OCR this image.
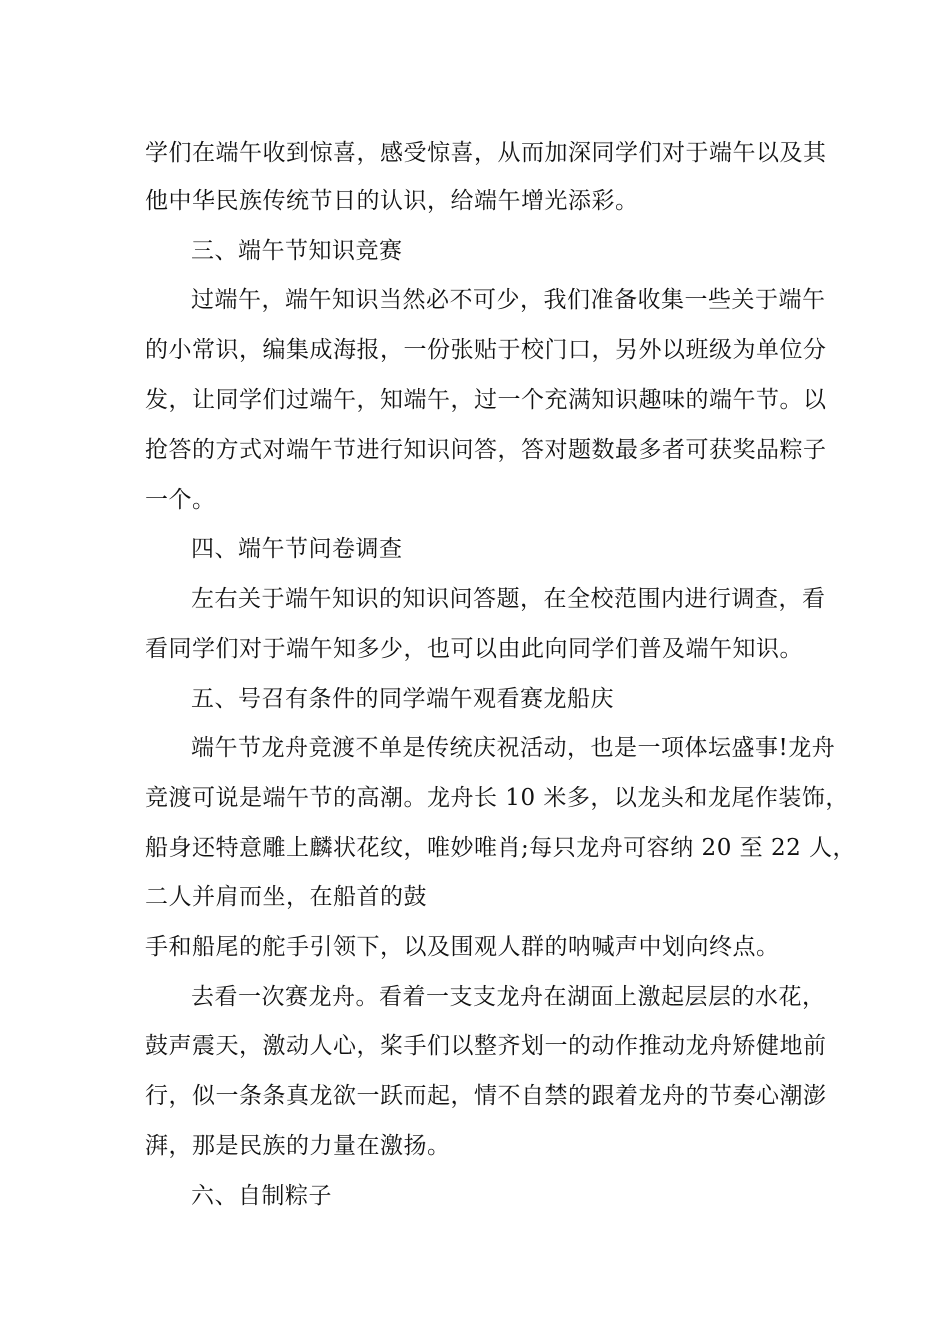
学们在端午收到惊喜，感受惊喜，从而加深同学们对于端午以及其
他中华民族传统节日的认识，给端午增光添彩。
三、端午节知识竞赛
过端午，端午知识当然必不可少，我们准备收集一些关于端午
的小常识，编集成海报，一份张贴于校门口，另外以班级为单位分
发，让同学们过端午，知端午，过一个充满知识趣味的端午节。以
抢答的方式对端午节进行知识问答，答对题数最多者可获奖品粽子
一个。
四、端午节问卷调查
左右关于端午知识的知识问答题，在全校范围内进行调查，看
看同学们对于端午知多少，也可以由此向同学们普及端午知识。
五、号召有条件的同学端午观看赛龙船庆
端午节龙舟竞渡不单是传统庆祝活动，也是一项体坛盛事!龙舟
竞渡可说是端午节的高潮。龙舟长 10 米多，以龙头和龙尾作装饰，
船身还特意雕上麟状花纹，唯妙唯肖;每只龙舟可容纳 20 至 22 人，
二人并肩而坐，在船首的鼓
手和船尾的舵手引领下，以及围观人群的呐喊声中划向终点。
去看一次赛龙舟。看着一支支龙舟在湖面上激起层层的水花，
鼓声震天，激动人心，桨手们以整齐划一的动作推动龙舟矫健地前
行，似一条条真龙欲一跃而起，情不自禁的跟着龙舟的节奏心潮澎
湃，那是民族的力量在激扬。
六、自制粽子
